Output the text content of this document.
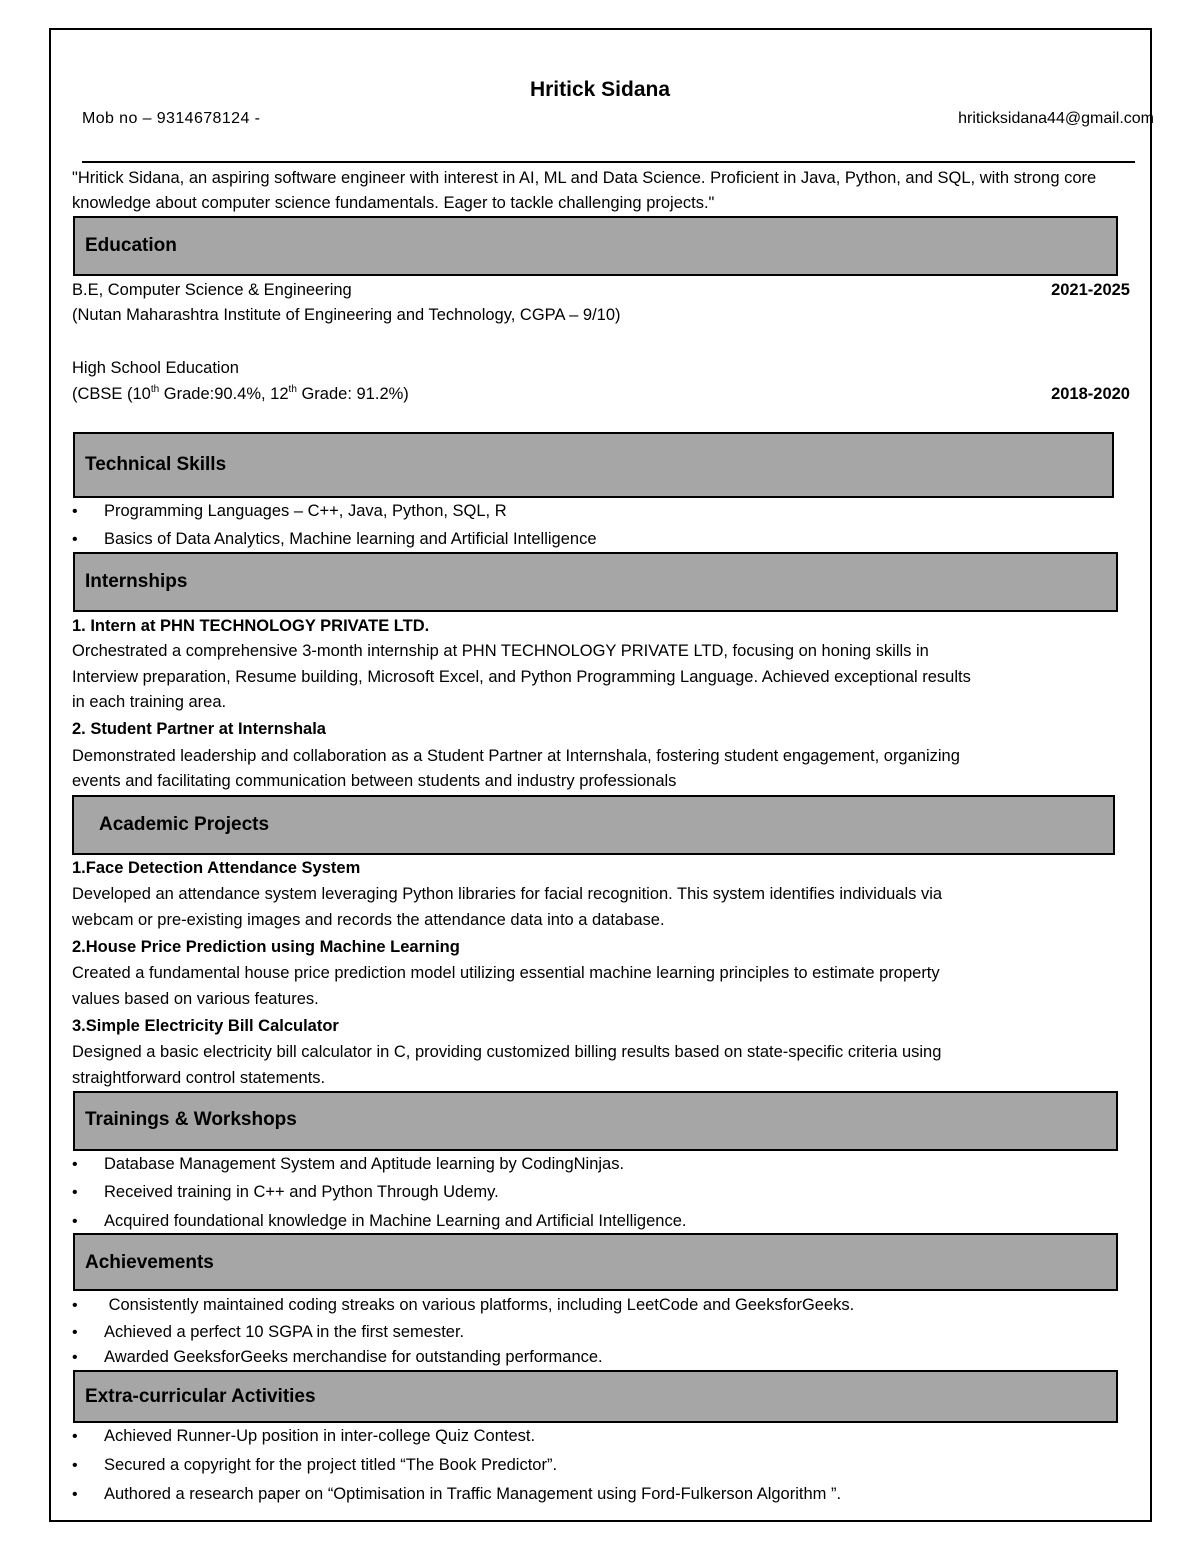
Hritick Sidana
Mob no – 9314678124 -	hriticksidana44@gmail.com
"Hritick Sidana, an aspiring software engineer with interest in AI, ML and Data Science. Proficient in Java, Python, and SQL, with strong core knowledge about computer science fundamentals. Eager to tackle challenging projects."
Education
B.E, Computer Science & Engineering	2021-2025
(Nutan Maharashtra Institute of Engineering and Technology, CGPA – 9/10)
High School Education
(CBSE (10th Grade:90.4%, 12th Grade: 91.2%)	2018-2020
Technical Skills
• Programming Languages – C++, Java, Python, SQL, R
• Basics of Data Analytics, Machine learning and Artificial Intelligence
Internships
1. Intern at PHN TECHNOLOGY PRIVATE LTD.
Orchestrated a comprehensive 3-month internship at PHN TECHNOLOGY PRIVATE LTD, focusing on honing skills in
Interview preparation, Resume building, Microsoft Excel, and Python Programming Language. Achieved exceptional results
in each training area.
2. Student Partner at Internshala
Demonstrated leadership and collaboration as a Student Partner at Internshala, fostering student engagement, organizing
events and facilitating communication between students and industry professionals
Academic Projects
1.Face Detection Attendance System
Developed an attendance system leveraging Python libraries for facial recognition. This system identifies individuals via
webcam or pre-existing images and records the attendance data into a database.
2.House Price Prediction using Machine Learning
Created a fundamental house price prediction model utilizing essential machine learning principles to estimate property
values based on various features.
3.Simple Electricity Bill Calculator
Designed a basic electricity bill calculator in C, providing customized billing results based on state-specific criteria using
straightforward control statements.
Trainings & Workshops
• Database Management System and Aptitude learning by CodingNinjas.
• Received training in C++ and Python Through Udemy.
• Acquired foundational knowledge in Machine Learning and Artificial Intelligence.
Achievements
• Consistently maintained coding streaks on various platforms, including LeetCode and GeeksforGeeks.
• Achieved a perfect 10 SGPA in the first semester.
• Awarded GeeksforGeeks merchandise for outstanding performance.
Extra-curricular Activities
• Achieved Runner-Up position in inter-college Quiz Contest.
• Secured a copyright for the project titled “The Book Predictor”.
• Authored a research paper on “Optimisation in Traffic Management using Ford-Fulkerson Algorithm ”.
